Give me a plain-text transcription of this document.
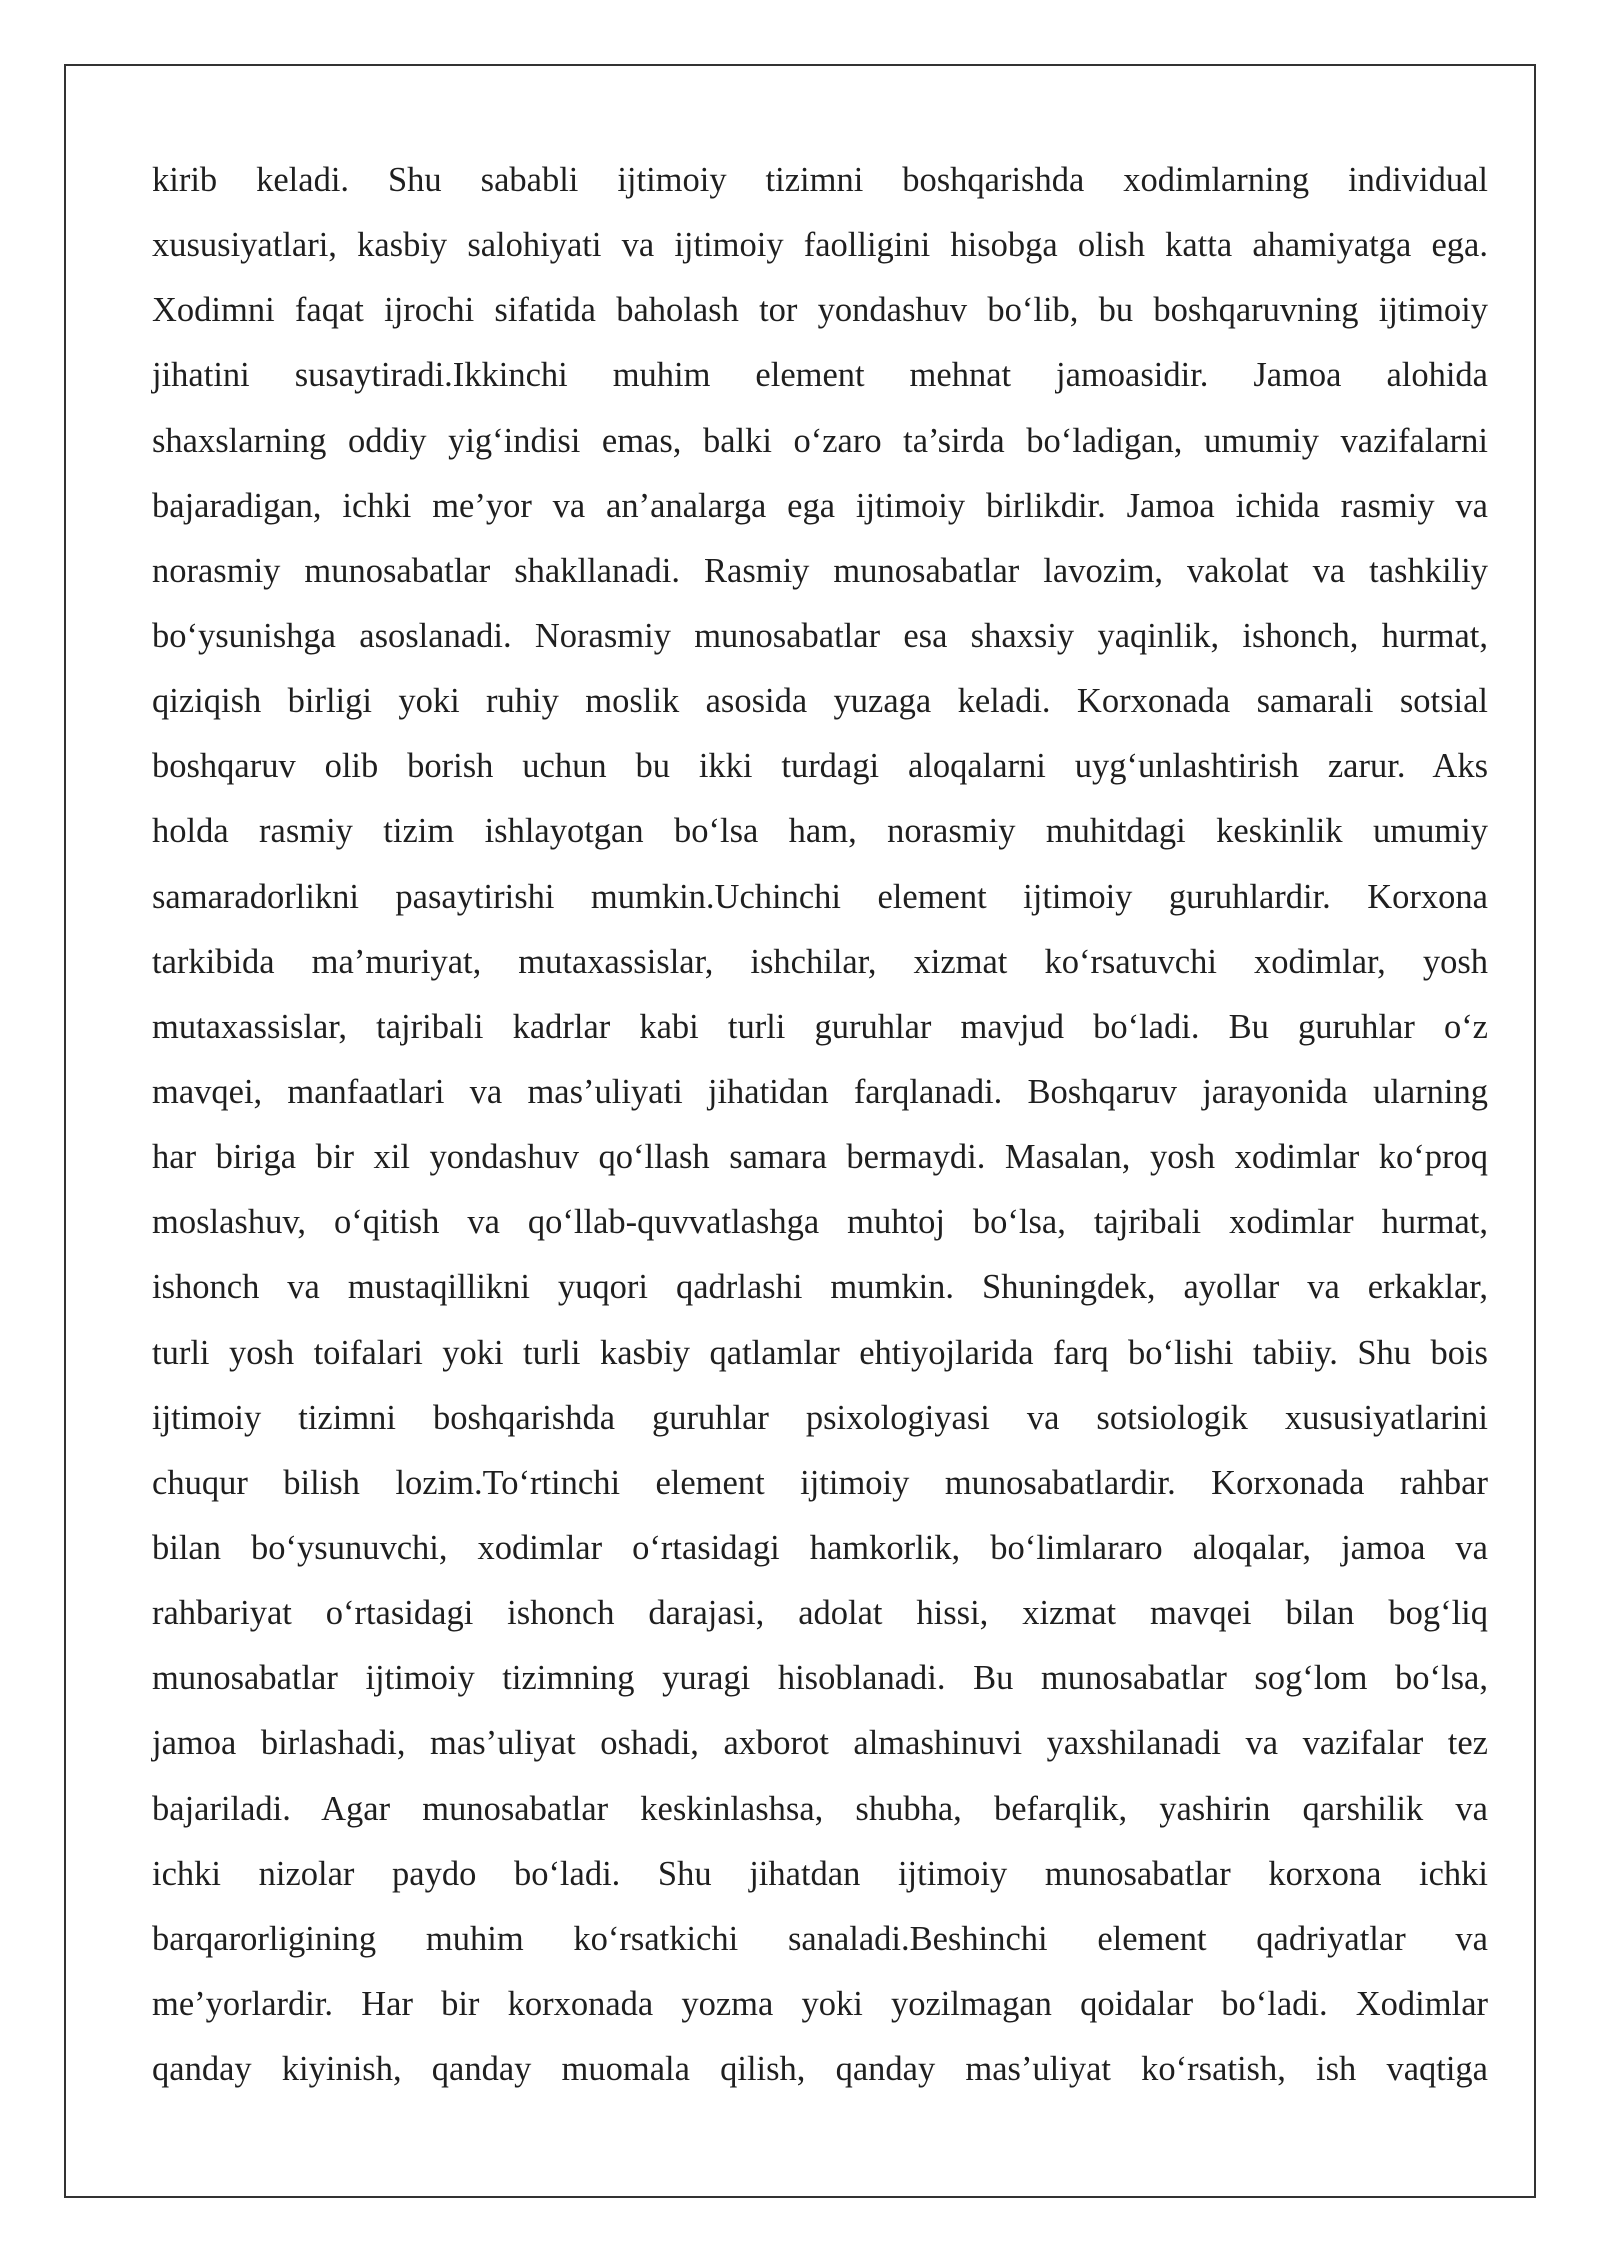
kirib keladi. Shu sababli ijtimoiy tizimni boshqarishda xodimlarning individual
xususiyatlari, kasbiy salohiyati va ijtimoiy faolligini hisobga olish katta ahamiyatga ega.
Xodimni faqat ijrochi sifatida baholash tor yondashuv bo‘lib, bu boshqaruvning ijtimoiy
jihatini susaytiradi.Ikkinchi muhim element mehnat jamoasidir. Jamoa alohida
shaxslarning oddiy yig‘indisi emas, balki o‘zaro ta’sirda bo‘ladigan, umumiy vazifalarni
bajaradigan, ichki me’yor va an’analarga ega ijtimoiy birlikdir. Jamoa ichida rasmiy va
norasmiy munosabatlar shakllanadi. Rasmiy munosabatlar lavozim, vakolat va tashkiliy
bo‘ysunishga asoslanadi. Norasmiy munosabatlar esa shaxsiy yaqinlik, ishonch, hurmat,
qiziqish birligi yoki ruhiy moslik asosida yuzaga keladi. Korxonada samarali sotsial
boshqaruv olib borish uchun bu ikki turdagi aloqalarni uyg‘unlashtirish zarur. Aks
holda rasmiy tizim ishlayotgan bo‘lsa ham, norasmiy muhitdagi keskinlik umumiy
samaradorlikni pasaytirishi mumkin.Uchinchi element ijtimoiy guruhlardir. Korxona
tarkibida ma’muriyat, mutaxassislar, ishchilar, xizmat ko‘rsatuvchi xodimlar, yosh
mutaxassislar, tajribali kadrlar kabi turli guruhlar mavjud bo‘ladi. Bu guruhlar o‘z
mavqei, manfaatlari va mas’uliyati jihatidan farqlanadi. Boshqaruv jarayonida ularning
har biriga bir xil yondashuv qo‘llash samara bermaydi. Masalan, yosh xodimlar ko‘proq
moslashuv, o‘qitish va qo‘llab-quvvatlashga muhtoj bo‘lsa, tajribali xodimlar hurmat,
ishonch va mustaqillikni yuqori qadrlashi mumkin. Shuningdek, ayollar va erkaklar,
turli yosh toifalari yoki turli kasbiy qatlamlar ehtiyojlarida farq bo‘lishi tabiiy. Shu bois
ijtimoiy tizimni boshqarishda guruhlar psixologiyasi va sotsiologik xususiyatlarini
chuqur bilish lozim.To‘rtinchi element ijtimoiy munosabatlardir. Korxonada rahbar
bilan bo‘ysunuvchi, xodimlar o‘rtasidagi hamkorlik, bo‘limlararo aloqalar, jamoa va
rahbariyat o‘rtasidagi ishonch darajasi, adolat hissi, xizmat mavqei bilan bog‘liq
munosabatlar ijtimoiy tizimning yuragi hisoblanadi. Bu munosabatlar sog‘lom bo‘lsa,
jamoa birlashadi, mas’uliyat oshadi, axborot almashinuvi yaxshilanadi va vazifalar tez
bajariladi. Agar munosabatlar keskinlashsa, shubha, befarqlik, yashirin qarshilik va
ichki nizolar paydo bo‘ladi. Shu jihatdan ijtimoiy munosabatlar korxona ichki
barqarorligining muhim ko‘rsatkichi sanaladi.Beshinchi element qadriyatlar va
me’yorlardir. Har bir korxonada yozma yoki yozilmagan qoidalar bo‘ladi. Xodimlar
qanday kiyinish, qanday muomala qilish, qanday mas’uliyat ko‘rsatish, ish vaqtiga
